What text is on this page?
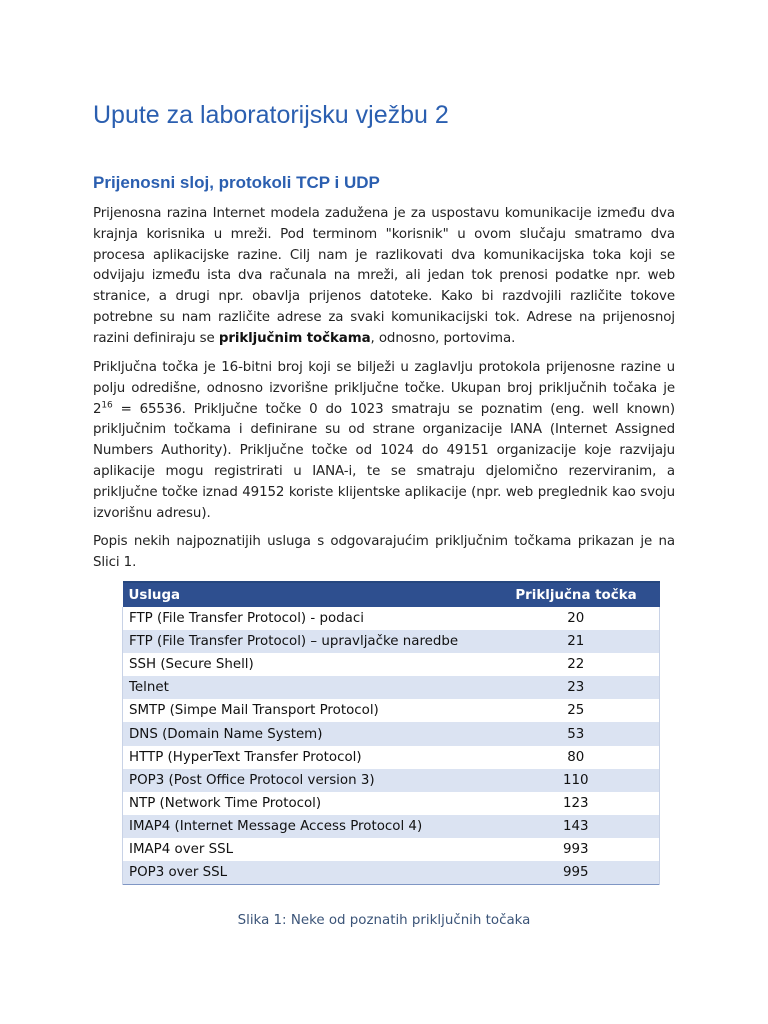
Upute za laboratorijsku vježbu 2
Prijenosni sloj, protokoli TCP i UDP

Prijenosna razina Internet modela zadužena je za uspostavu komunikacije između dva krajnja korisnika u mreži. Pod terminom "korisnik" u ovom slučaju smatramo dva procesa aplikacijske razine. Cilj nam je razlikovati dva komunikacijska toka koji se odvijaju između ista dva računala na mreži, ali jedan tok prenosi podatke npr. web stranice, a drugi npr. obavlja prijenos datoteke. Kako bi razdvojili različite tokove potrebne su nam različite adrese za svaki komunikacijski tok. Adrese na prijenosnoj razini definiraju se priključnim točkama, odnosno, portovima.

Priključna točka je 16-bitni broj koji se bilježi u zaglavlju protokola prijenosne razine u polju odredišne, odnosno izvorišne priključne točke. Ukupan broj priključnih točaka je $2^{16} = 65536$. Priključne točke 0 do 1023 smatraju se poznatim (eng. well known) priključnim točkama i definirane su od strane organizacije IANA (Internet Assigned Numbers Authority). Priključne točke od 1024 do 49151 organizacije koje razvijaju aplikacije mogu registrirati u IANA-i, te se smatraju djelomično rezerviranim, a priključne točke iznad 49152 koriste klijentske aplikacije (npr. web preglednik kao svoju izvorišnu adresu).

Popis nekih najpoznatijih usluga s odgovarajućim priključnim točkama prikazan je na Slici 1.

Usluga	Priključna točka
FTP (File Transfer Protocol) - podaci	20
FTP (File Transfer Protocol) – upravljačke naredbe	21
SSH (Secure Shell)	22
Telnet	23
SMTP (Simpe Mail Transport Protocol)	25
DNS (Domain Name System)	53
HTTP (HyperText Transfer Protocol)	80
POP3 (Post Office Protocol version 3)	110
NTP (Network Time Protocol)	123
IMAP4 (Internet Message Access Protocol 4)	143
IMAP4 over SSL	993
POP3 over SSL	995

Slika 1: Neke od poznatih priključnih točaka
